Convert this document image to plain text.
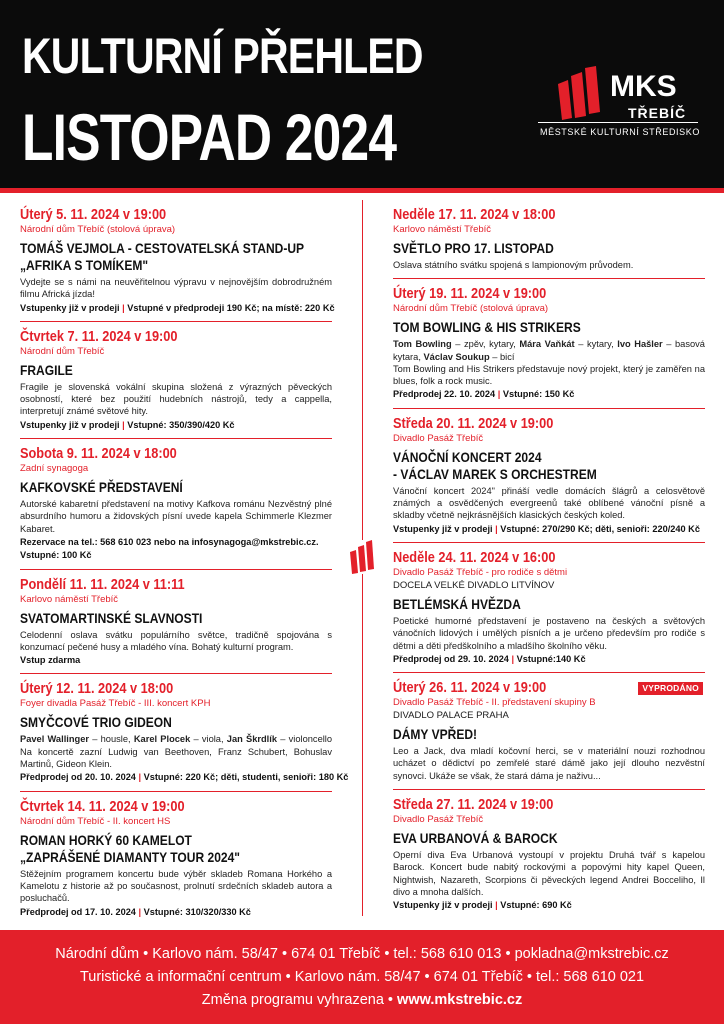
KULTURNÍ PŘEHLED
LISTOPAD 2024
MKS
TŘEBÍČ
MĚSTSKÉ KULTURNÍ STŘEDISKO
Úterý 5. 11. 2024 v 19:00
Národní dům Třebíč (stolová úprava)
TOMÁŠ VEJMOLA - CESTOVATELSKÁ STAND-UP
„AFRIKA S TOMÍKEM"
Vydejte se s námi na neuvěřitelnou výpravu v nejnovějším dobrodružném filmu Africká jízda!
Vstupenky již v prodeji | Vstupné v předprodeji 190 Kč; na místě: 220 Kč
Čtvrtek 7. 11. 2024 v 19:00
Národní dům Třebíč
FRAGILE
Fragile je slovenská vokální skupina složená z výrazných pěveckých osobností, které bez použití hudebních nástrojů, tedy a cappella, interpretují známé světové hity.
Vstupenky již v prodeji | Vstupné: 350/390/420 Kč
Sobota 9. 11. 2024 v 18:00
Zadní synagoga
KAFKOVSKÉ PŘEDSTAVENÍ
Autorské kabaretní představení na motivy Kafkova románu Nezvěstný plné absurdního humoru a židovských písní uvede kapela Schimmerle Klezmer Kabaret.
Rezervace na tel.: 568 610 023 nebo na infosynagoga@mkstrebic.cz.
Vstupné: 100 Kč
Pondělí 11. 11. 2024 v 11:11
Karlovo náměstí Třebíč
SVATOMARTINSKÉ SLAVNOSTI
Celodenní oslava svátku populárního světce, tradičně spojována s konzumací pečené husy a mladého vína. Bohatý kulturní program.
Vstup zdarma
Úterý 12. 11. 2024 v 18:00
Foyer divadla Pasáž Třebíč - III. koncert KPH
SMYČCOVÉ TRIO GIDEON
Pavel Wallinger – housle, Karel Plocek – viola, Jan Škrdlík – violoncello Na koncertě zazní Ludwig van Beethoven, Franz Schubert, Bohuslav Martinů, Gideon Klein.
Předprodej od 20. 10. 2024 | Vstupné: 220 Kč; děti, studenti, senioři: 180 Kč
Čtvrtek 14. 11. 2024 v 19:00
Národní dům Třebíč - II. koncert HS
ROMAN HORKÝ 60 KAMELOT
„ZAPRÁŠENÉ DIAMANTY TOUR 2024"
Stěžejním programem koncertu bude výběr skladeb Romana Horkého a Kamelotu z historie až po současnost, prolnutí srdečních skladeb autora a posluchačů.
Předprodej od 17. 10. 2024 | Vstupné: 310/320/330 Kč
Neděle 17. 11. 2024 v 18:00
Karlovo náměstí Třebíč
SVĚTLO PRO 17. LISTOPAD
Oslava státního svátku spojená s lampionovým průvodem.
Úterý 19. 11. 2024 v 19:00
Národní dům Třebíč (stolová úprava)
TOM BOWLING & HIS STRIKERS
Tom Bowling – zpěv, kytary, Mára Vaňkát – kytary, Ivo Hašler – basová kytara, Václav Soukup – bicí
Tom Bowling and His Strikers představuje nový projekt, který je zaměřen na blues, folk a rock music.
Předprodej 22. 10. 2024 | Vstupné: 150 Kč
Středa 20. 11. 2024 v 19:00
Divadlo Pasáž Třebíč
VÁNOČNÍ KONCERT 2024
- VÁCLAV MAREK S ORCHESTREM
Vánoční koncert 2024" přináší vedle domácích šlágrů a celosvětově známých a osvědčených evergreenů také oblíbené vánoční písně a skladby včetně nejkrásnějších klasických českých koled.
Vstupenky již v prodeji | Vstupné: 270/290 Kč; děti, senioři: 220/240 Kč
Neděle 24. 11. 2024 v 16:00
Divadlo Pasáž Třebíč - pro rodiče s dětmi
DOCELA VELKÉ DIVADLO LITVÍNOV
BETLÉMSKÁ HVĚZDA
Poetické humorné představení je postaveno na českých a světových vánočních lidových i umělých písních a je určeno především pro rodiče s dětmi a děti předškolního a mladšího školního věku.
Předprodej od 29. 10. 2024 | Vstupné:140 Kč
VYPRODÁNO
Úterý 26. 11. 2024 v 19:00
Divadlo Pasáž Třebíč - II. představení skupiny B
DIVADLO PALACE PRAHA
DÁMY VPŘED!
Leo a Jack, dva mladí kočovní herci, se v materiální nouzi rozhodnou ucházet o dědictví po zemřelé staré dámě jako její dlouho nezvěstní synovci. Ukáže se však, že stará dáma je naživu...
Středa 27. 11. 2024 v 19:00
Divadlo Pasáž Třebíč
EVA URBANOVÁ & BAROCK
Operní diva Eva Urbanová vystoupí v projektu Druhá tvář s kapelou Barock. Koncert bude nabitý rockovými a popovými hity kapel Queen, Nightwish, Nazareth, Scorpions či pěveckých legend Andrei Bocceliho, Il divo a mnoha dalších.
Vstupenky již v prodeji | Vstupné: 690 Kč
Národní dům • Karlovo nám. 58/47 • 674 01 Třebíč • tel.: 568 610 013 • pokladna@mkstrebic.cz
Turistické a informační centrum • Karlovo nám. 58/47 • 674 01 Třebíč • tel.: 568 610 021
Změna programu vyhrazena • www.mkstrebic.cz
